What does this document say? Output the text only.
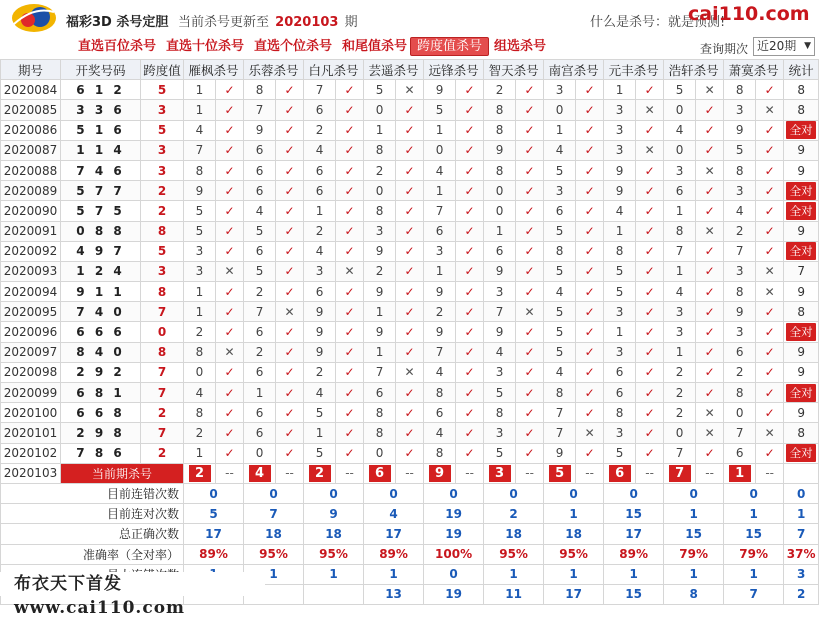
福彩3D 杀号定胆 当前杀号更新至 2020103 期	什么是杀号：就是预测!
cai110.com
组选杀号
跨度值杀号
和尾值杀号
直选个位杀号
直选十位杀号
直选百位杀号	查询期次 近20期 ▼
期号	开奖号码	跨度值	雁枫杀号		乐蓉杀号		白凡杀号		芸遥杀号		远锋杀号		智天杀号		南宫杀号		元丰杀号		浩轩杀号		萧寞杀号		统计
2020084	6 1 2	5	1	✓	8	✓	7	✓	5	✕	9	✓	2	✓	3	✓	1	✓	5	✕	8	✓	8
2020085	3 3 6	3	1	✓	7	✓	6	✓	0	✓	5	✓	8	✓	0	✓	3	✕	0	✓	3	✕	8
2020086	5 1 6	5	4	✓	9	✓	2	✓	1	✓	1	✓	8	✓	1	✓	3	✓	4	✓	9	✓	全对
2020087	1 1 4	3	7	✓	6	✓	4	✓	8	✓	0	✓	9	✓	4	✓	3	✕	0	✓	5	✓	9
2020088	7 4 6	3	8	✓	6	✓	6	✓	2	✓	4	✓	8	✓	5	✓	9	✓	3	✕	8	✓	9
2020089	5 7 7	2	9	✓	6	✓	6	✓	0	✓	1	✓	0	✓	3	✓	9	✓	6	✓	3	✓	全对
2020090	5 7 5	2	5	✓	4	✓	1	✓	8	✓	7	✓	0	✓	6	✓	4	✓	1	✓	4	✓	全对
2020091	0 8 8	8	5	✓	5	✓	2	✓	3	✓	6	✓	1	✓	5	✓	1	✓	8	✕	2	✓	9
2020092	4 9 7	5	3	✓	6	✓	4	✓	9	✓	3	✓	6	✓	8	✓	8	✓	7	✓	7	✓	全对
2020093	1 2 4	3	3	✕	5	✓	3	✕	2	✓	1	✓	9	✓	5	✓	5	✓	1	✓	3	✕	7
2020094	9 1 1	8	1	✓	2	✓	6	✓	9	✓	9	✓	3	✓	4	✓	5	✓	4	✓	8	✕	9
2020095	7 4 0	7	1	✓	7	✕	9	✓	1	✓	2	✓	7	✕	5	✓	3	✓	3	✓	9	✓	8
2020096	6 6 6	0	2	✓	6	✓	9	✓	9	✓	9	✓	9	✓	5	✓	1	✓	3	✓	3	✓	全对
2020097	8 4 0	8	8	✕	2	✓	9	✓	1	✓	7	✓	4	✓	5	✓	3	✓	1	✓	6	✓	9
2020098	2 9 2	7	0	✓	6	✓	2	✓	7	✕	4	✓	3	✓	4	✓	6	✓	2	✓	2	✓	9
2020099	6 8 1	7	4	✓	1	✓	4	✓	6	✓	8	✓	5	✓	8	✓	6	✓	2	✓	8	✓	全对
2020100	6 6 8	2	8	✓	6	✓	5	✓	8	✓	6	✓	8	✓	7	✓	8	✓	2	✕	0	✓	9
2020101	2 9 8	7	2	✓	6	✓	1	✓	8	✓	4	✓	3	✓	7	✕	3	✓	0	✕	7	✕	8
2020102	7 8 6	2	1	✓	0	✓	5	✓	0	✓	8	✓	5	✓	9	✓	5	✓	7	✓	6	✓	全对
2020103	当前期杀号		2	--	4	--	2	--	6	--	9	--	3	--	5	--	6	--	7	--	1	--	
目前连错次数			0		0		0		0		0		0		0		0		0		0		0
目前连对次数			5		7		9		4		19		2		1		15		1		1		1
总正确次数			17		18		18		17		19		18		18		17		15		15		7
准确率（全对率）			89%		95%		95%		89%		100%		95%		95%		89%		79%		79%		37%
		1		1		1		0		1		1		1		1		1		3
									13		19		11		17		15		8		7		2
布衣天下首发 www.cai110.com
